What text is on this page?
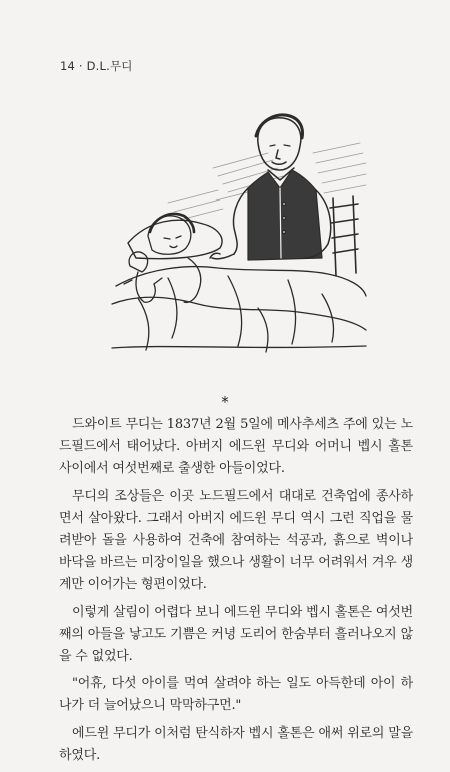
14 · D.L.무디
*

드와이트 무디는 1837년 2월 5일에 메사추세츠 주에 있는 노드필드에서 태어났다. 아버지 에드윈 무디와 어머니 벱시 홀톤 사이에서 여섯번째로 출생한 아들이었다.

무디의 조상들은 이곳 노드필드에서 대대로 건축업에 종사하면서 살아왔다. 그래서 아버지 에드윈 무디 역시 그런 직업을 물려받아 돌을 사용하여 건축에 참여하는 석공과, 흙으로 벽이나 바닥을 바르는 미장이일을 했으나 생활이 너무 어려워서 겨우 생계만 이어가는 형편이었다.

이렇게 살림이 어렵다 보니 에드윈 무디와 벱시 홀톤은 여섯번째의 아들을 낳고도 기쁨은 커녕 도리어 한숨부터 흘러나오지 않을 수 없었다.

"어휴, 다섯 아이를 먹여 살려야 하는 일도 아득한데 아이 하나가 더 늘어났으니 막막하구먼."

에드윈 무디가 이처럼 탄식하자 벱시 홀톤은 애써 위로의 말을 하였다.
